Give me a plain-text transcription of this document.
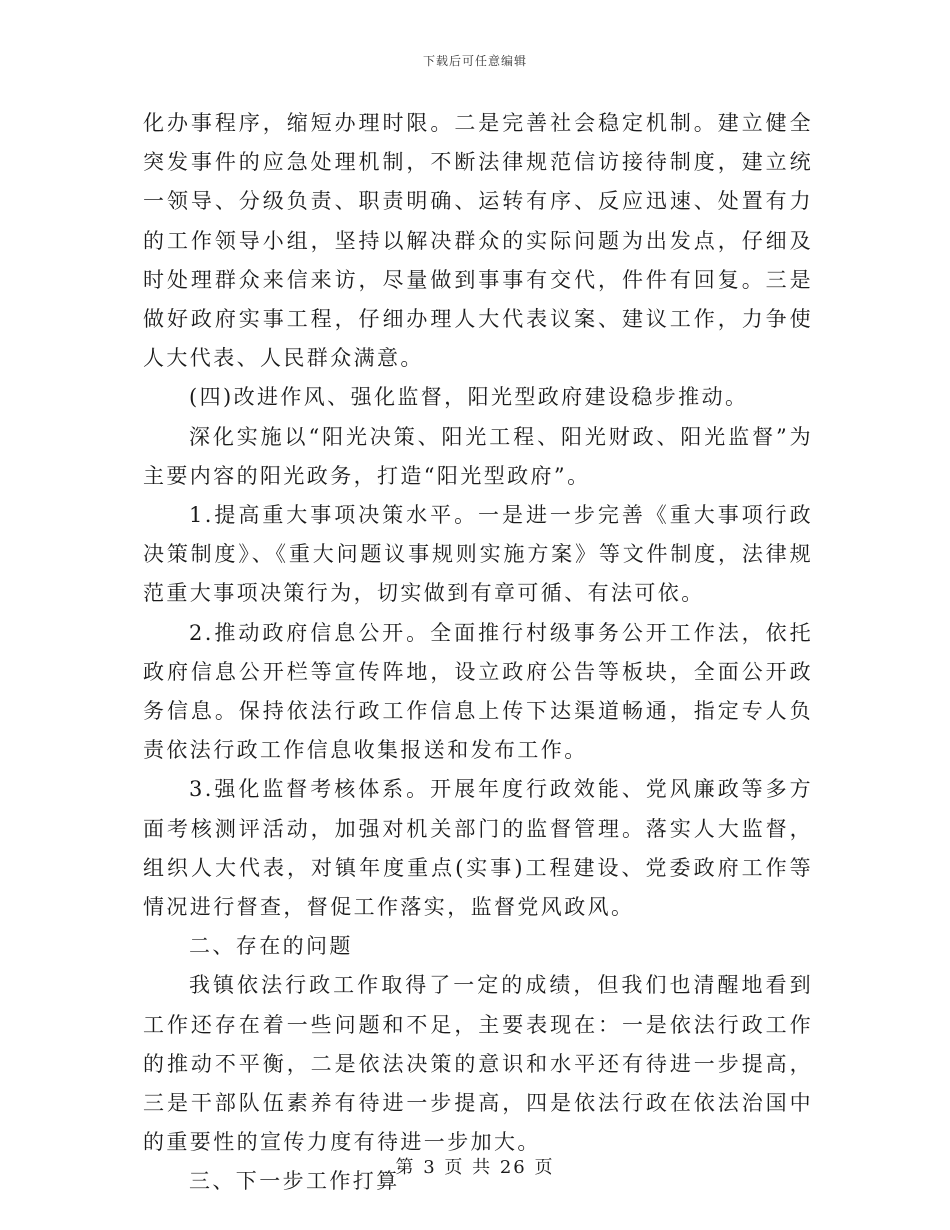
下载后可任意编辑

化办事程序，缩短办理时限。二是完善社会稳定机制。建立健全突发事件的应急处理机制，不断法律规范信访接待制度，建立统一领导、分级负责、职责明确、运转有序、反应迅速、处置有力的工作领导小组，坚持以解决群众的实际问题为出发点，仔细及时处理群众来信来访，尽量做到事事有交代，件件有回复。三是做好政府实事工程，仔细办理人大代表议案、建议工作，力争使人大代表、人民群众满意。

(四)改进作风、强化监督，阳光型政府建设稳步推动。

深化实施以“阳光决策、阳光工程、阳光财政、阳光监督”为主要内容的阳光政务，打造“阳光型政府”。

1.提高重大事项决策水平。一是进一步完善《重大事项行政决策制度》、《重大问题议事规则实施方案》等文件制度，法律规范重大事项决策行为，切实做到有章可循、有法可依。

2.推动政府信息公开。全面推行村级事务公开工作法，依托政府信息公开栏等宣传阵地，设立政府公告等板块，全面公开政务信息。保持依法行政工作信息上传下达渠道畅通，指定专人负责依法行政工作信息收集报送和发布工作。

3.强化监督考核体系。开展年度行政效能、党风廉政等多方面考核测评活动，加强对机关部门的监督管理。落实人大监督，组织人大代表，对镇年度重点(实事)工程建设、党委政府工作等情况进行督查，督促工作落实，监督党风政风。

二、存在的问题

我镇依法行政工作取得了一定的成绩，但我们也清醒地看到工作还存在着一些问题和不足，主要表现在：一是依法行政工作的推动不平衡，二是依法决策的意识和水平还有待进一步提高，三是干部队伍素养有待进一步提高，四是依法行政在依法治国中的重要性的宣传力度有待进一步加大。

三、下一步工作打算

第 3 页 共 26 页
